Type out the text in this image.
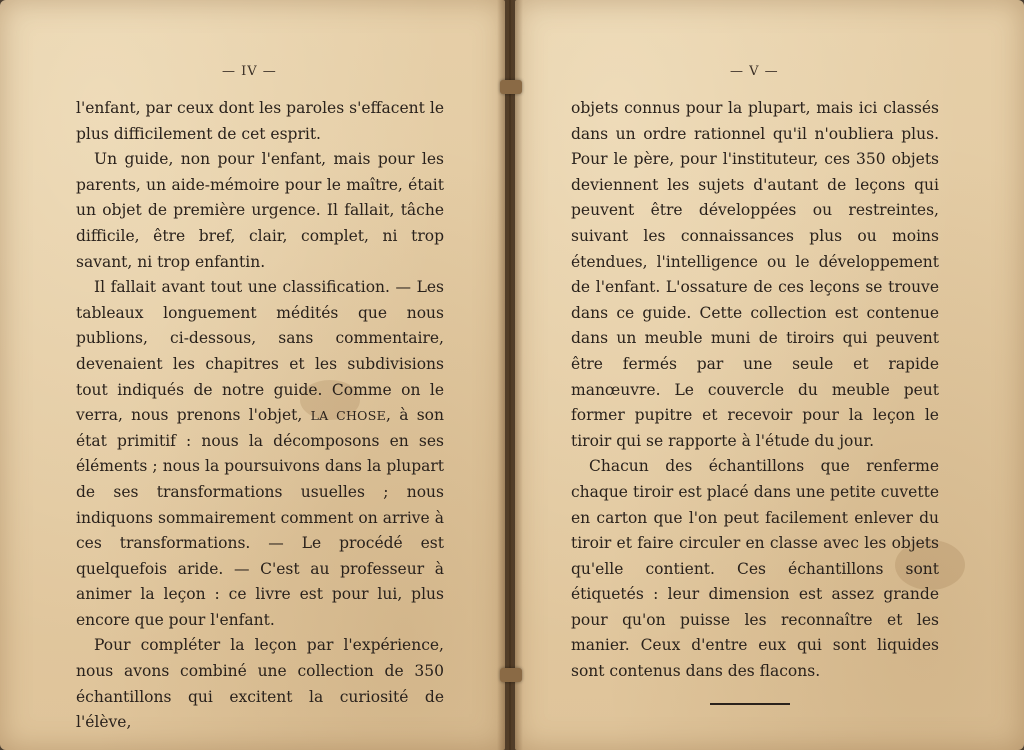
— IV —

l'enfant, par ceux dont les paroles s'effacent le plus difficilement de cet esprit.

Un guide, non pour l'enfant, mais pour les parents, un aide-mémoire pour le maître, était un objet de première urgence. Il fallait, tâche difficile, être bref, clair, complet, ni trop savant, ni trop enfantin.

Il fallait avant tout une classification. — Les tableaux longuement médités que nous publions, ci-dessous, sans commentaire, devenaient les chapitres et les subdivisions tout indiqués de notre guide. Comme on le verra, nous prenons l'objet, LA CHOSE, à son état primitif : nous la décomposons en ses éléments ; nous la poursuivons dans la plupart de ses transformations usuelles ; nous indiquons sommairement comment on arrive à ces transformations. — Le procédé est quelquefois aride. — C'est au professeur à animer la leçon : ce livre est pour lui, plus encore que pour l'enfant.

Pour compléter la leçon par l'expérience, nous avons combiné une collection de 350 échantillons qui excitent la curiosité de l'élève,

— V —

objets connus pour la plupart, mais ici classés dans un ordre rationnel qu'il n'oubliera plus. Pour le père, pour l'instituteur, ces 350 objets deviennent les sujets d'autant de leçons qui peuvent être développées ou restreintes, suivant les connaissances plus ou moins étendues, l'intelligence ou le développement de l'enfant. L'ossature de ces leçons se trouve dans ce guide. Cette collection est contenue dans un meuble muni de tiroirs qui peuvent être fermés par une seule et rapide manœuvre. Le couvercle du meuble peut former pupitre et recevoir pour la leçon le tiroir qui se rapporte à l'étude du jour.

Chacun des échantillons que renferme chaque tiroir est placé dans une petite cuvette en carton que l'on peut facilement enlever du tiroir et faire circuler en classe avec les objets qu'elle contient. Ces échantillons sont étiquetés : leur dimension est assez grande pour qu'on puisse les reconnaître et les manier. Ceux d'entre eux qui sont liquides sont contenus dans des flacons.
